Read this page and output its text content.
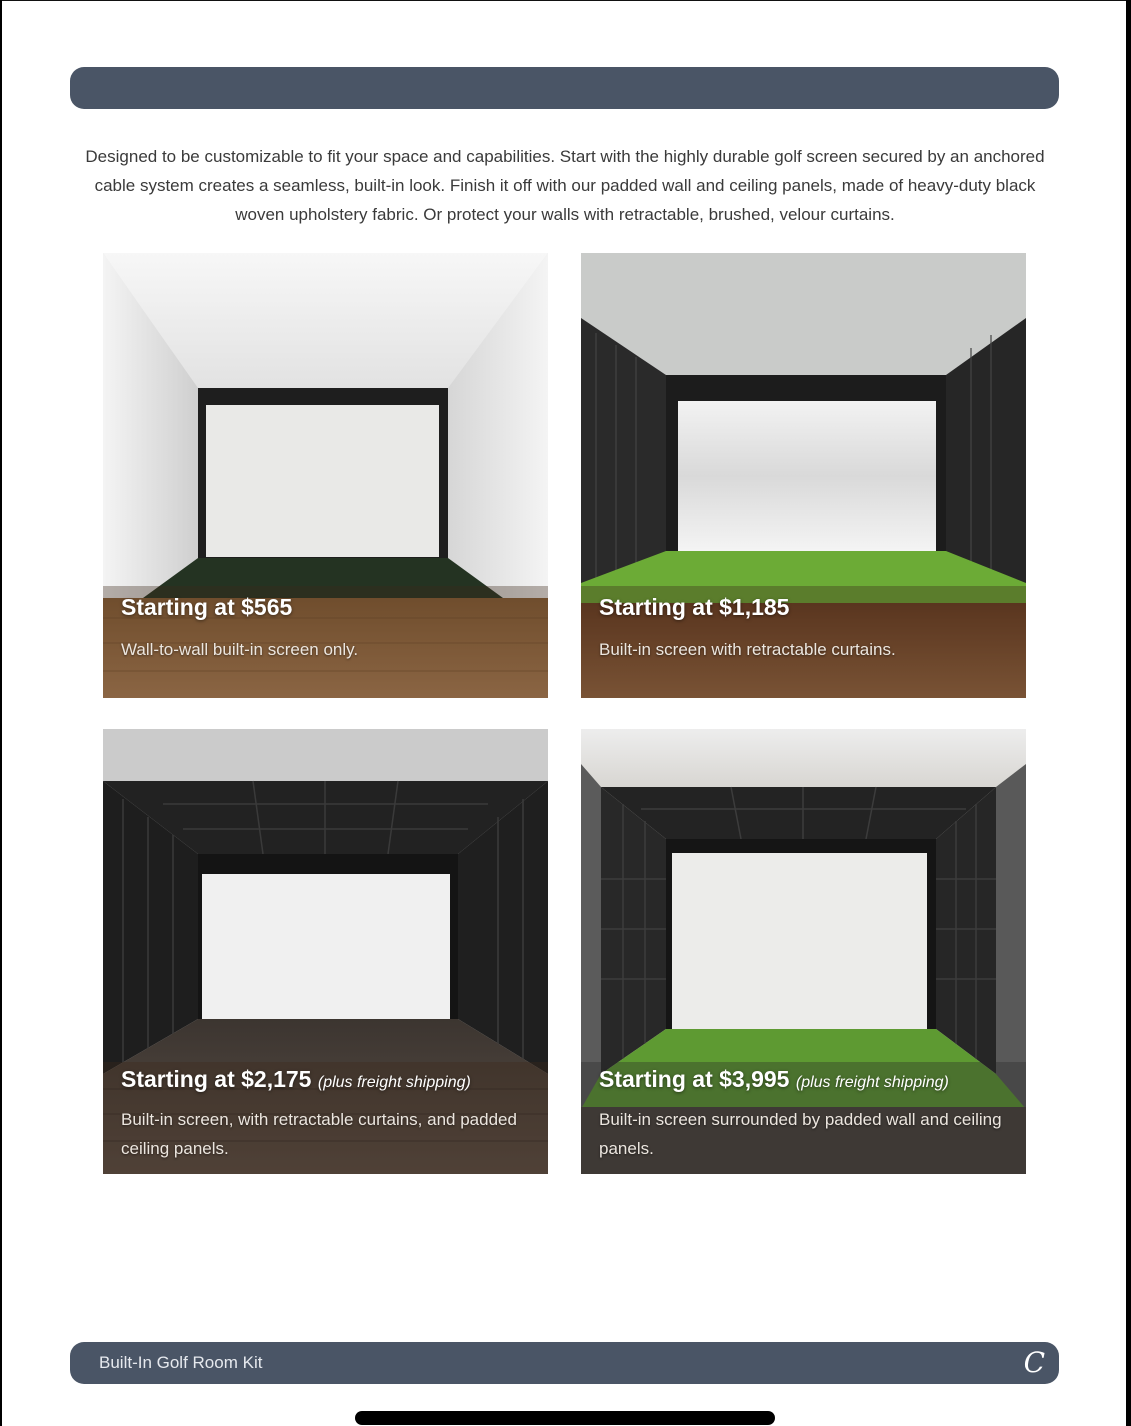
Designed to be customizable to fit your space and capabilities. Start with the highly durable golf screen secured by an anchored cable system creates a seamless, built-in look. Finish it off with our padded wall and ceiling panels, made of heavy-duty black woven upholstery fabric. Or protect your walls with retractable, brushed, velour curtains.
Starting at $565
Wall-to-wall built-in screen only.
Starting at $1,185
Built-in screen with retractable curtains.
Starting at $2,175 (plus freight shipping)
Built-in screen, with retractable curtains, and padded ceiling panels.
Starting at $3,995 (plus freight shipping)
Built-in screen surrounded by padded wall and ceiling panels.
Built-In Golf Room Kit	C
